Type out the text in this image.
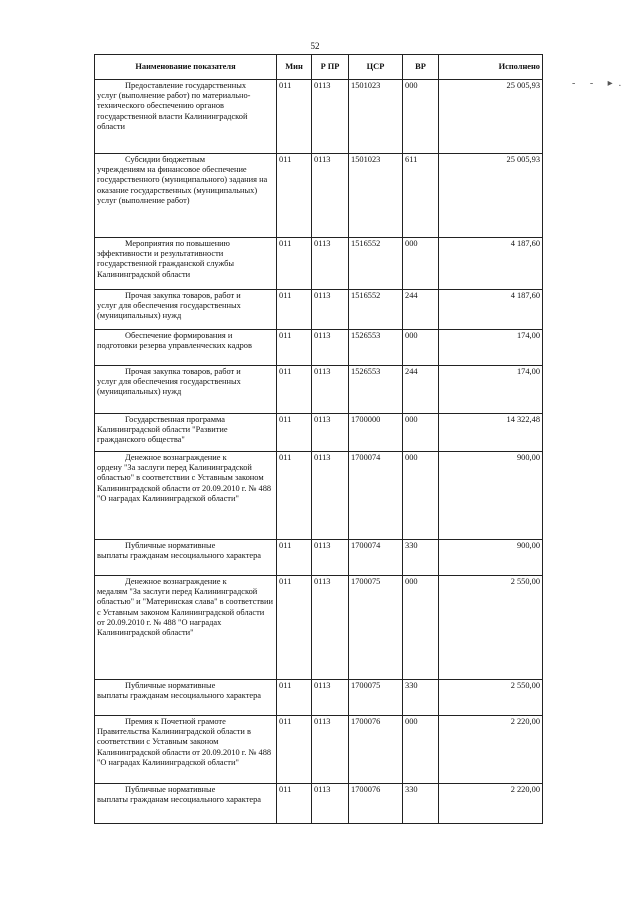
52
- - ▸.
Наименование показателя	Мин	Р ПР	ЦСР	ВР	Исполнено
Предоставление государственных
услуг (выполнение работ) по материально-технического обеспечению органов государственной власти Калининградской области	011	0113	1501023	000	25 005,93
Субсидии бюджетным
учреждениям на финансовое обеспечение государственного (муниципального) задания на оказание государственных (муниципальных) услуг (выполнение работ)	011	0113	1501023	611	25 005,93
Мероприятия по повышению
эффективности и результативности государственной гражданской службы Калининградской области	011	0113	1516552	000	4 187,60
Прочая закупка товаров, работ и
услуг для обеспечения государственных (муниципальных) нужд	011	0113	1516552	244	4 187,60
Обеспечение формирования и
подготовки резерва управленческих кадров	011	0113	1526553	000	174,00
Прочая закупка товаров, работ и
услуг для обеспечения государственных (муниципальных) нужд	011	0113	1526553	244	174,00
Государственная программа
Калининградской области "Развитие гражданского общества"	011	0113	1700000	000	14 322,48
Денежное вознаграждение к
ордену "За заслуги перед Калининградской областью" в соответствии с Уставным законом Калининградской области от 20.09.2010 г. № 488 "О наградах Калининградской области"	011	0113	1700074	000	900,00
Публичные нормативные
выплаты гражданам несоциального характера	011	0113	1700074	330	900,00
Денежное вознаграждение к
медалям "За заслуги перед Калининградской областью" и "Материнская слава" в соответствии с Уставным законом Калининградской области от 20.09.2010 г. № 488 "О наградах Калининградской области"	011	0113	1700075	000	2 550,00
Публичные нормативные
выплаты гражданам несоциального характера	011	0113	1700075	330	2 550,00
Премия к Почетной грамоте
Правительства Калининградской области в соответствии с Уставным законом Калининградской области от 20.09.2010 г. № 488 "О наградах Калининградской области"	011	0113	1700076	000	2 220,00
Публичные нормативные
выплаты гражданам несоциального характера	011	0113	1700076	330	2 220,00
